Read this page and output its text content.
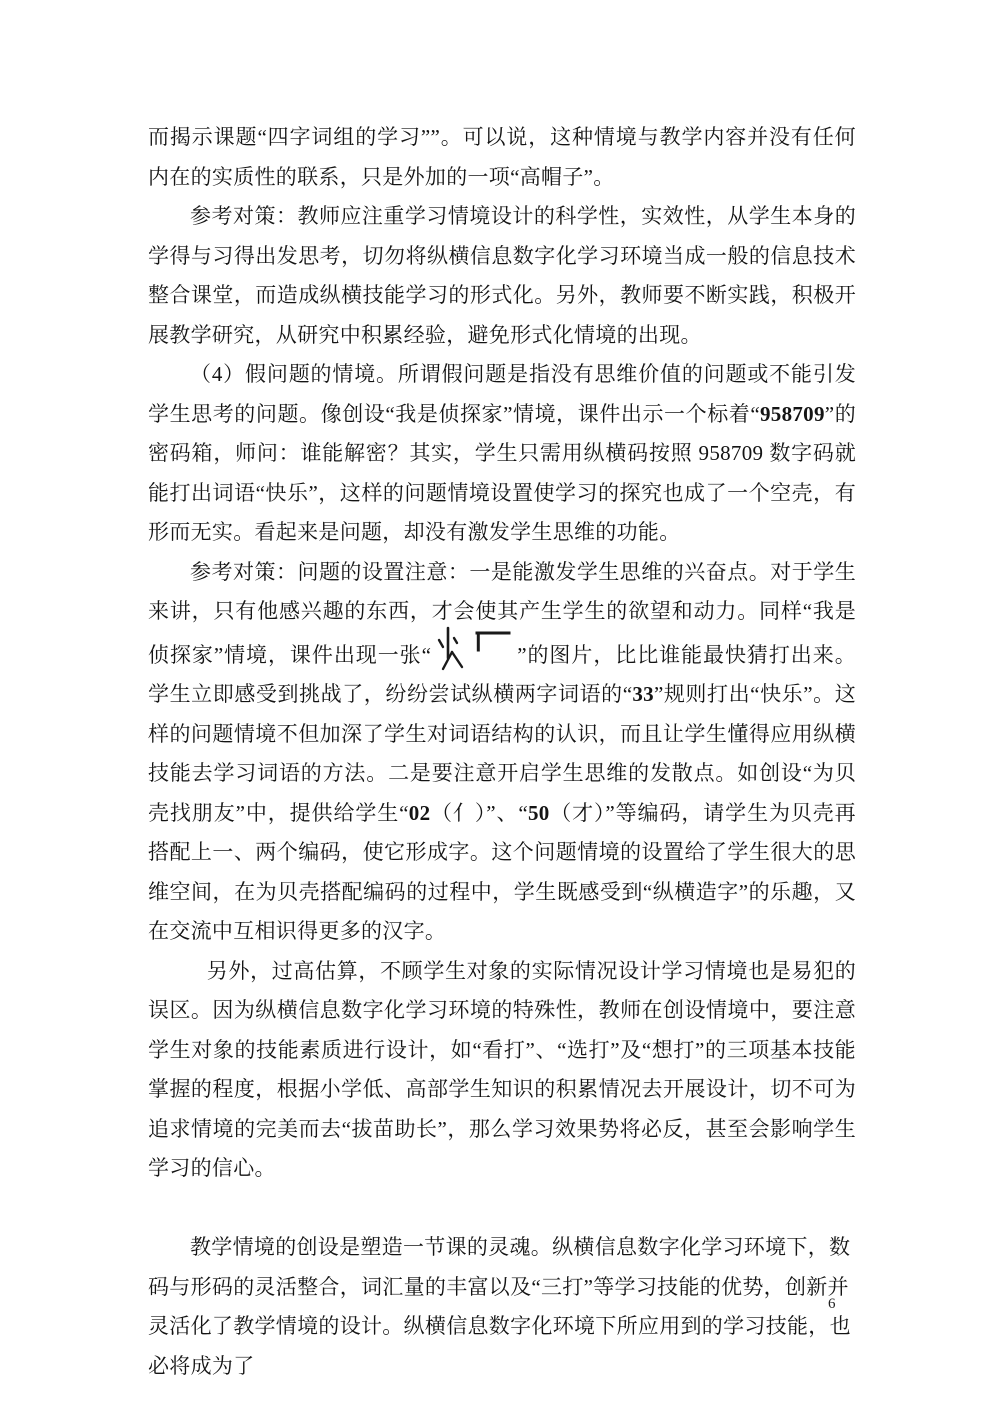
而揭示课题“四字词组的学习””。可以说，这种情境与教学内容并没有任何内在的实质性的联系，只是外加的一项“高帽子”。

参考对策：教师应注重学习情境设计的科学性，实效性，从学生本身的学得与习得出发思考，切勿将纵横信息数字化学习环境当成一般的信息技术整合课堂，而造成纵横技能学习的形式化。另外，教师要不断实践，积极开展教学研究，从研究中积累经验，避免形式化情境的出现。

（4）假问题的情境。所谓假问题是指没有思维价值的问题或不能引发学生思考的问题。像创设“我是侦探家”情境，课件出示一个标着“958709”的密码箱，师问：谁能解密？其实，学生只需用纵横码按照 958709 数字码就能打出词语“快乐”，这样的问题情境设置使学习的探究也成了一个空壳，有形而无实。看起来是问题，却没有激发学生思维的功能。

参考对策：问题的设置注意：一是能激发学生思维的兴奋点。对于学生来讲，只有他感兴趣的东西，才会使其产生学生的欲望和动力。同样“我是侦探家”情境，课件出现一张“	”的图片，比比谁能最快猜打出来。学生立即感受到挑战了，纷纷尝试纵横两字词语的“33”规则打出“快乐”。这样的问题情境不但加深了学生对词语结构的认识，而且让学生懂得应用纵横技能去学习词语的方法。二是要注意开启学生思维的发散点。如创设“为贝壳找朋友”中，提供给学生“02（亻）”、“50（才）”等编码，请学生为贝壳再搭配上一、两个编码，使它形成字。这个问题情境的设置给了学生很大的思维空间，在为贝壳搭配编码的过程中，学生既感受到“纵横造字”的乐趣，又在交流中互相识得更多的汉字。

另外，过高估算，不顾学生对象的实际情况设计学习情境也是易犯的误区。因为纵横信息数字化学习环境的特殊性，教师在创设情境中，要注意学生对象的技能素质进行设计，如“看打”、“选打”及“想打”的三项基本技能掌握的程度，根据小学低、高部学生知识的积累情况去开展设计，切不可为追求情境的完美而去“拔苗助长”，那么学习效果势将必反，甚至会影响学生学习的信心。

教学情境的创设是塑造一节课的灵魂。纵横信息数字化学习环境下，数码与形码的灵活整合，词汇量的丰富以及“三打”等学习技能的优势，创新并灵活化了教学情境的设计。纵横信息数字化环境下所应用到的学习技能，也必将成为了

6
